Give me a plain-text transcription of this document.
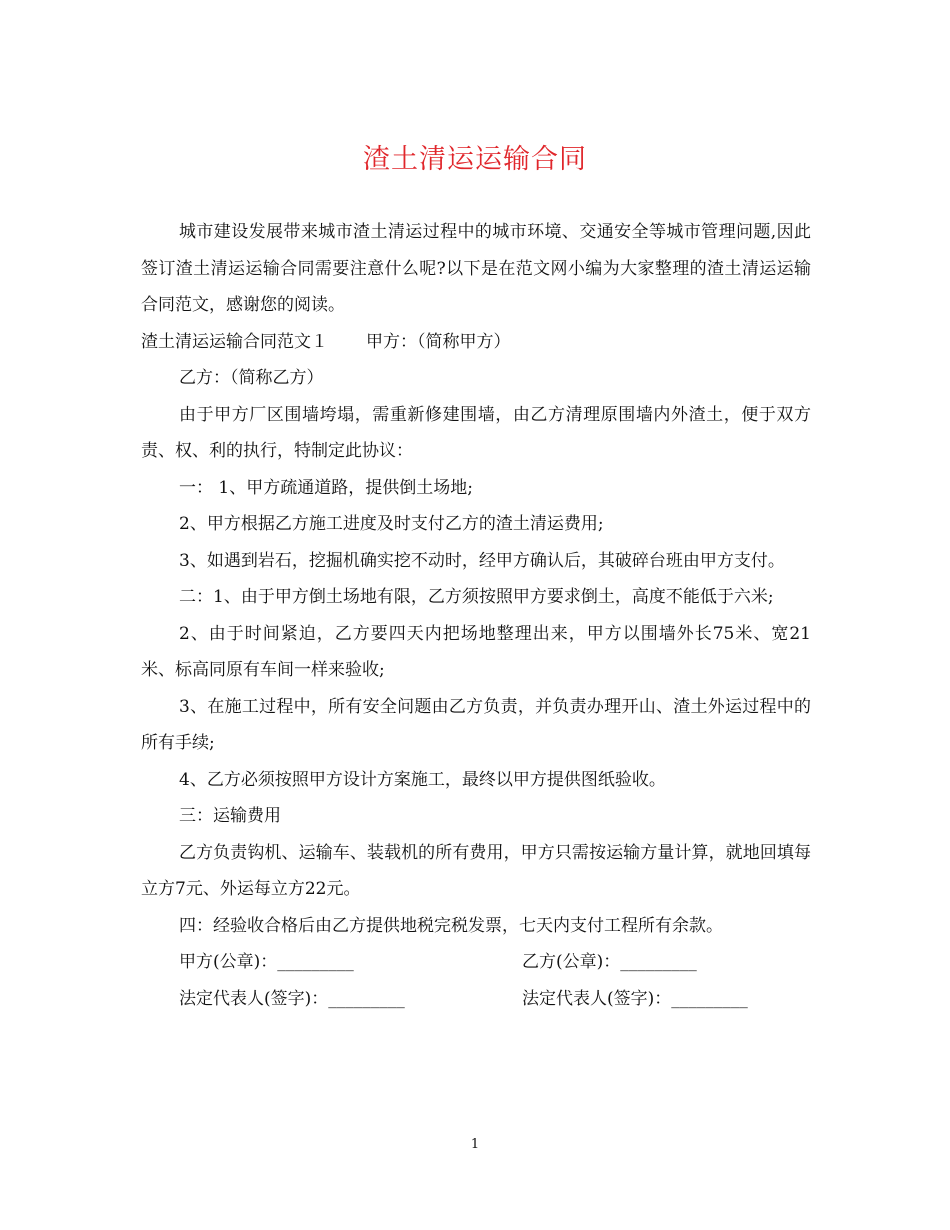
渣土清运运输合同

城市建设发展带来城市渣土清运过程中的城市环境、交通安全等城市管理问题,因此签订渣土清运运输合同需要注意什么呢?以下是在范文网小编为大家整理的渣土清运运输合同范文，感谢您的阅读。

渣土清运运输合同范文１ 甲方：（简称甲方）

乙方：（简称乙方）

由于甲方厂区围墙垮塌，需重新修建围墙，由乙方清理原围墙内外渣土，便于双方责、权、利的执行，特制定此协议：

一： 1、甲方疏通道路，提供倒土场地;

2、甲方根据乙方施工进度及时支付乙方的渣土清运费用;

3、如遇到岩石，挖掘机确实挖不动时，经甲方确认后，其破碎台班由甲方支付。

二：1、由于甲方倒土场地有限，乙方须按照甲方要求倒土，高度不能低于六米;

2、由于时间紧迫，乙方要四天内把场地整理出来，甲方以围墙外长75米、宽21米、标高同原有车间一样来验收;

3、在施工过程中，所有安全问题由乙方负责，并负责办理开山、渣土外运过程中的所有手续;

4、乙方必须按照甲方设计方案施工，最终以甲方提供图纸验收。

三：运输费用

乙方负责钩机、运输车、装载机的所有费用，甲方只需按运输方量计算，就地回填每立方7元、外运每立方22元。

四：经验收合格后由乙方提供地税完税发票，七天内支付工程所有余款。

甲方(公章)：_________	乙方(公章)：_________
法定代表人(签字)：_________	法定代表人(签字)：_________
1
